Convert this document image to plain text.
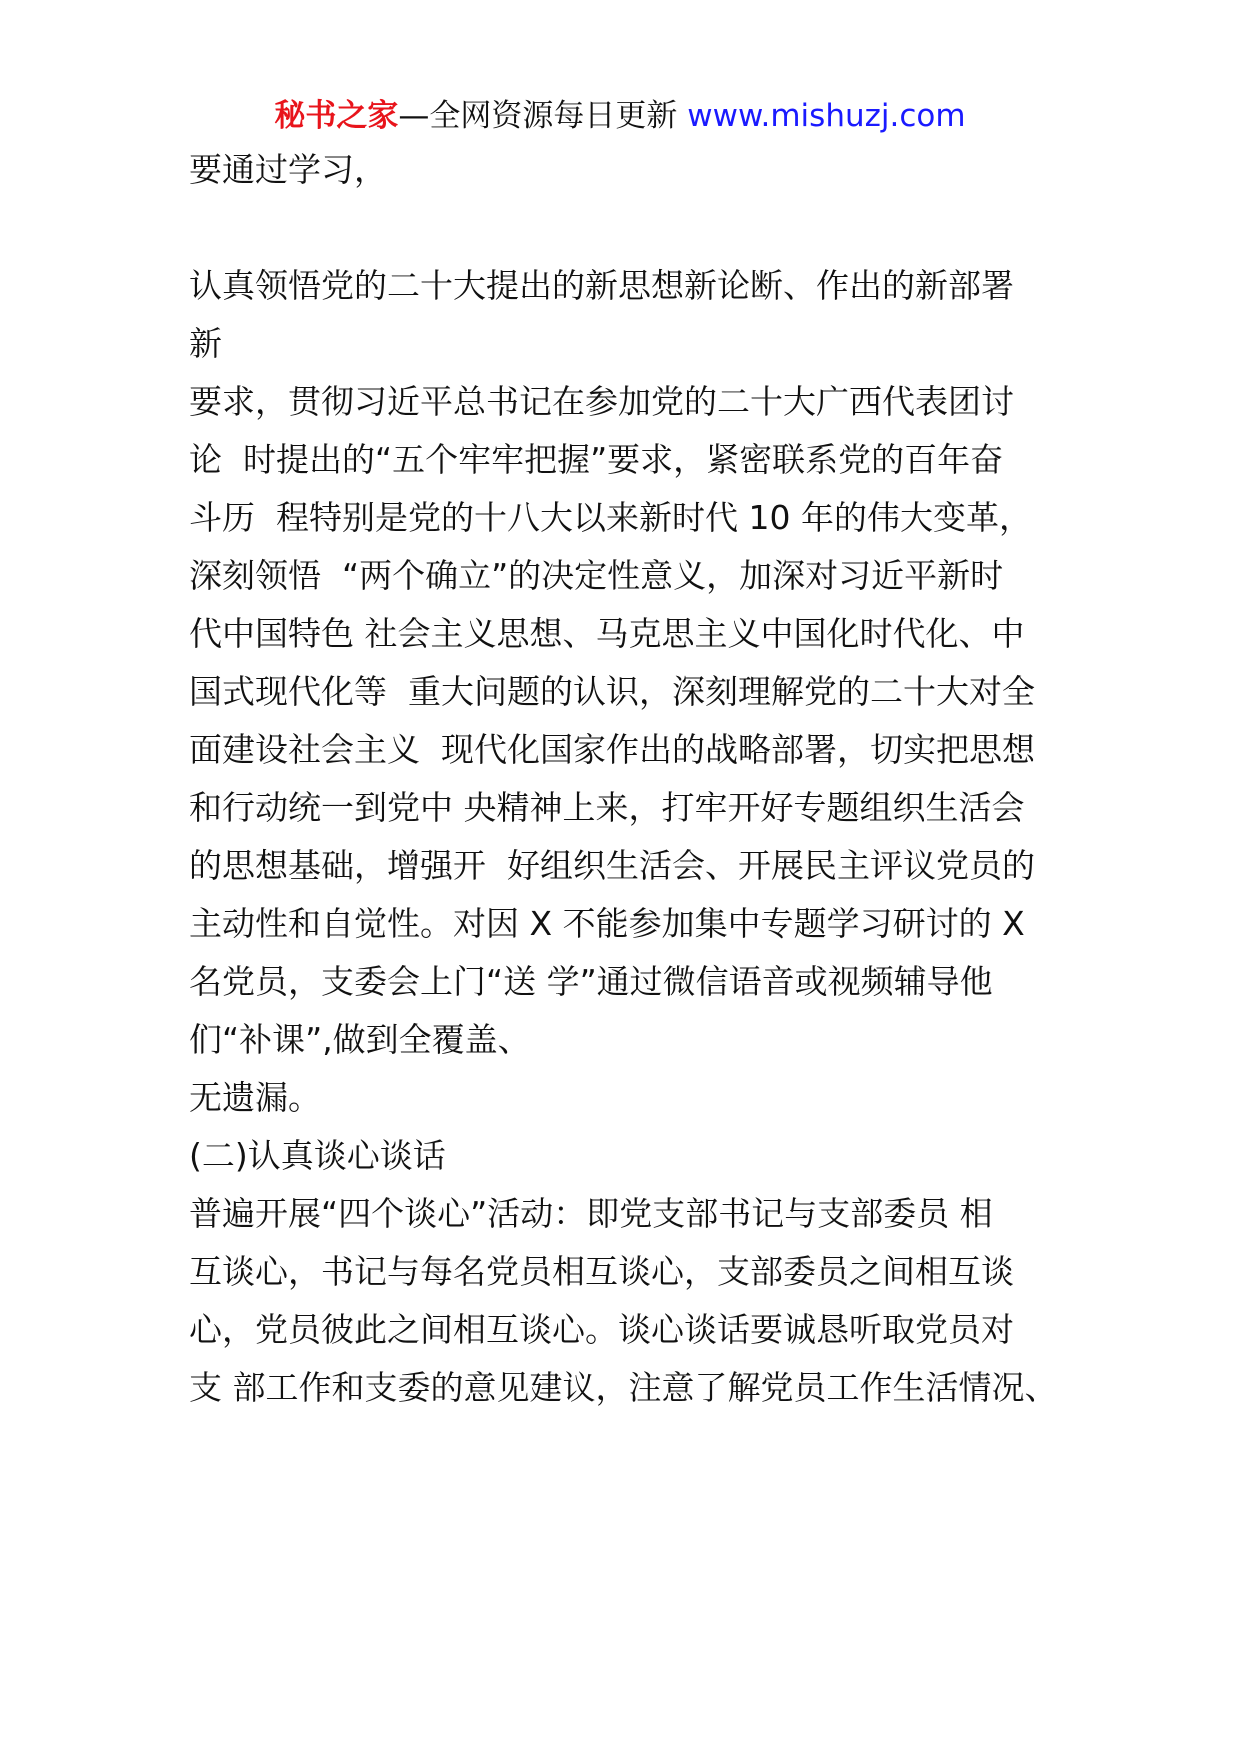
秘书之家—全网资源每日更新 www.mishuzj.com
要通过学习，
认真领悟党的二十大提出的新思想新论断、作出的新部署
新
要求，贯彻习近平总书记在参加党的二十大广西代表团讨
论  时提出的“五个牢牢把握”要求，紧密联系党的百年奋
斗历  程特别是党的十八大以来新时代 10 年的伟大变革，
深刻领悟  “两个确立”的决定性意义，加深对习近平新时
代中国特色 社会主义思想、马克思主义中国化时代化、中
国式现代化等  重大问题的认识，深刻理解党的二十大对全
面建设社会主义  现代化国家作出的战略部署，切实把思想
和行动统一到党中 央精神上来，打牢开好专题组织生活会
的思想基础，增强开  好组织生活会、开展民主评议党员的
主动性和自觉性。对因 X 不能参加集中专题学习研讨的 X
名党员，支委会上门“送 学”通过微信语音或视频辅导他
们“补课”,做到全覆盖、
无遗漏。
(二)认真谈心谈话
普遍开展“四个谈心”活动：即党支部书记与支部委员 相
互谈心，书记与每名党员相互谈心，支部委员之间相互谈
心，党员彼此之间相互谈心。谈心谈话要诚恳听取党员对
支 部工作和支委的意见建议，注意了解党员工作生活情况、
